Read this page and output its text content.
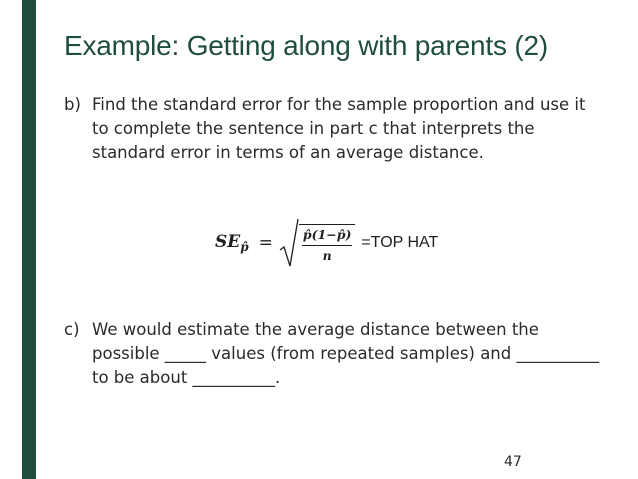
Example: Getting along with parents (2)
b) Find the standard error for the sample proportion and use it to complete the sentence in part c that interprets the standard error in terms of an average distance.
$SE_{p̂} = \frac{p̂(1-p̂)}{n} =TOP$ HAT
c) We would estimate the average distance between the possible _____ values (from repeated samples) and __________ to be about __________.
47
